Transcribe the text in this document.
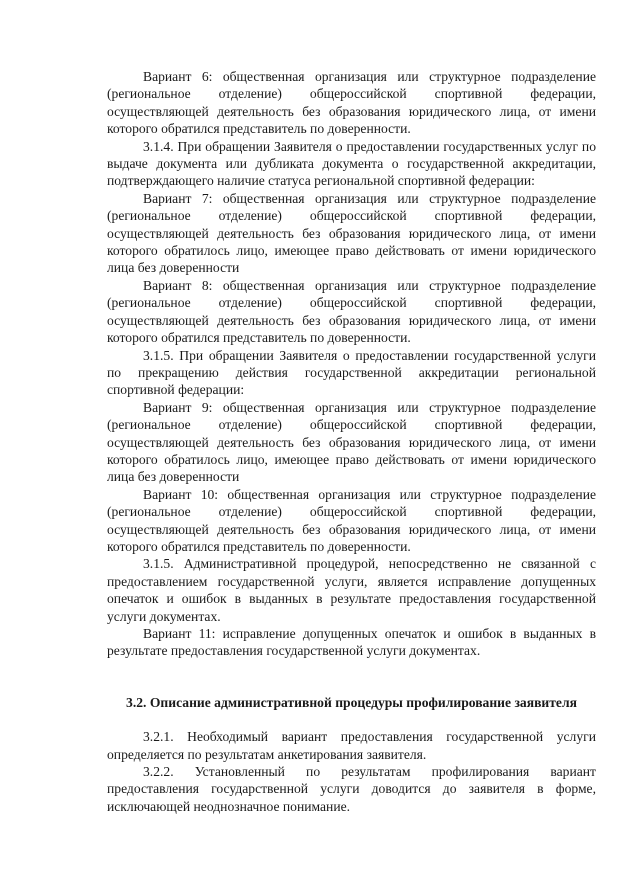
Вариант 6: общественная организация или структурное подразделение (региональное отделение) общероссийской спортивной федерации, осуществляющей деятельность без образования юридического лица, от имени которого обратился представитель по доверенности.

3.1.4. При обращении Заявителя о предоставлении государственных услуг по выдаче документа или дубликата документа о государственной аккредитации, подтверждающего наличие статуса региональной спортивной федерации:

Вариант 7: общественная организация или структурное подразделение (региональное отделение) общероссийской спортивной федерации, осуществляющей деятельность без образования юридического лица, от имени которого обратилось лицо, имеющее право действовать от имени юридического лица без доверенности

Вариант 8: общественная организация или структурное подразделение (региональное отделение) общероссийской спортивной федерации, осуществляющей деятельность без образования юридического лица, от имени которого обратился представитель по доверенности.

3.1.5. При обращении Заявителя о предоставлении государственной услуги по прекращению действия государственной аккредитации региональной спортивной федерации:

Вариант 9: общественная организация или структурное подразделение (региональное отделение) общероссийской спортивной федерации, осуществляющей деятельность без образования юридического лица, от имени которого обратилось лицо, имеющее право действовать от имени юридического лица без доверенности

Вариант 10: общественная организация или структурное подразделение (региональное отделение) общероссийской спортивной федерации, осуществляющей деятельность без образования юридического лица, от имени которого обратился представитель по доверенности.

3.1.5. Административной процедурой, непосредственно не связанной с предоставлением государственной услуги, является исправление допущенных опечаток и ошибок в выданных в результате предоставления государственной услуги документах.

Вариант 11: исправление допущенных опечаток и ошибок в выданных в результате предоставления государственной услуги документах.

3.2. Описание административной процедуры профилирование заявителя

3.2.1. Необходимый вариант предоставления государственной услуги определяется по результатам анкетирования заявителя.

3.2.2. Установленный по результатам профилирования вариант предоставления государственной услуги доводится до заявителя в форме, исключающей неоднозначное понимание.
